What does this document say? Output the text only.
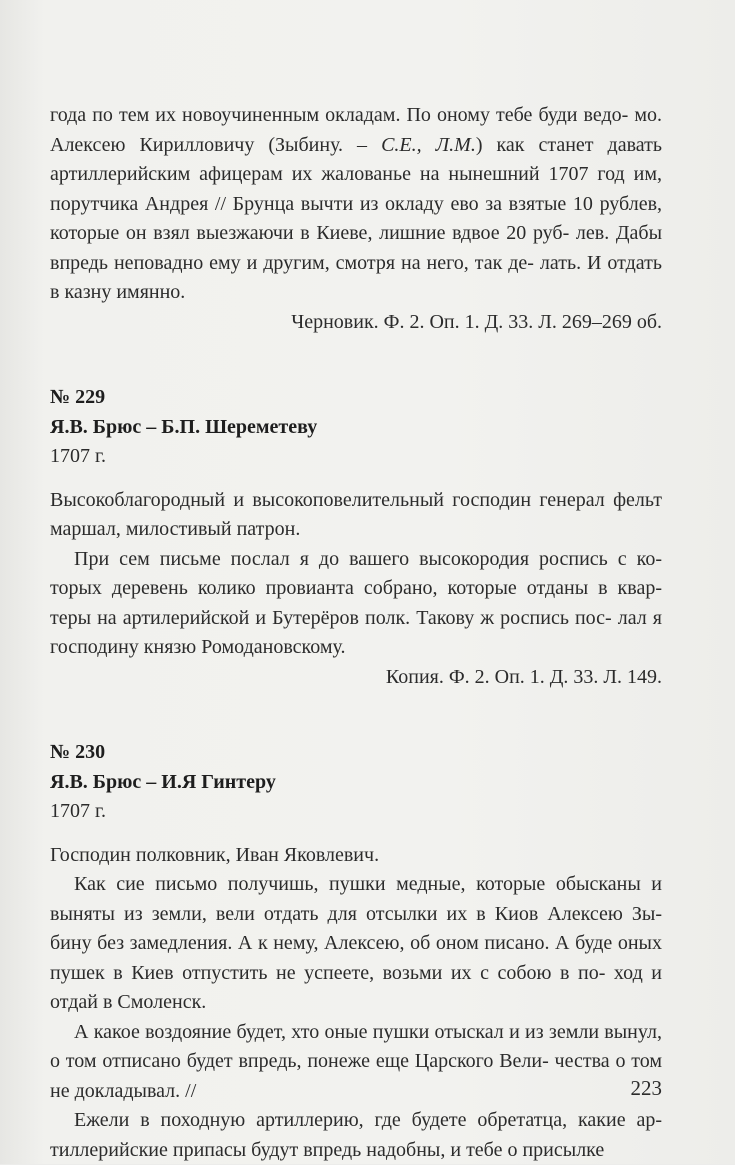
года по тем их новоучиненным окладам. По оному тебе буди ведо- мо. Алексею Кирилловичу (Зыбину. – С.Е., Л.М.) как станет давать артиллерийским афицерам их жалованье на нынешний 1707 год им, порутчика Андрея // Брунца вычти из окладу ево за взятые 10 рублев, которые он взял выезжаючи в Киеве, лишние вдвое 20 руб- лев. Дабы впредь неповадно ему и другим, смотря на него, так де- лать. И отдать в казну имянно.

Черновик. Ф. 2. Оп. 1. Д. 33. Л. 269–269 об.

№ 229

Я.В. Брюс – Б.П. Шереметеву

1707 г.

Высокоблагородный и высокоповелительный господин генерал фельт маршал, милостивый патрон.

При сем письме послал я до вашего высокородия роспись с ко- торых деревень колико провианта собрано, которые отданы в квар- теры на артилерийской и Бутерёров полк. Такову ж роспись пос- лал я господину князю Ромодановскому.

Копия. Ф. 2. Оп. 1. Д. 33. Л. 149.

№ 230

Я.В. Брюс – И.Я Гинтеру

1707 г.

Господин полковник, Иван Яковлевич.

Как сие письмо получишь, пушки медные, которые обысканы и выняты из земли, вели отдать для отсылки их в Киов Алексею Зы- бину без замедления. А к нему, Алексею, об оном писано. А буде оных пушек в Киев отпустить не успеете, возьми их с собою в по- ход и отдай в Смоленск.

А какое воздояние будет, хто оные пушки отыскал и из земли вынул, о том отписано будет впредь, понеже еще Царского Вели- чества о том не докладывал. //

Ежели в походную артиллерию, где будете обретатца, какие ар- тиллерийские припасы будут впредь надобны, и тебе о присылке

223
